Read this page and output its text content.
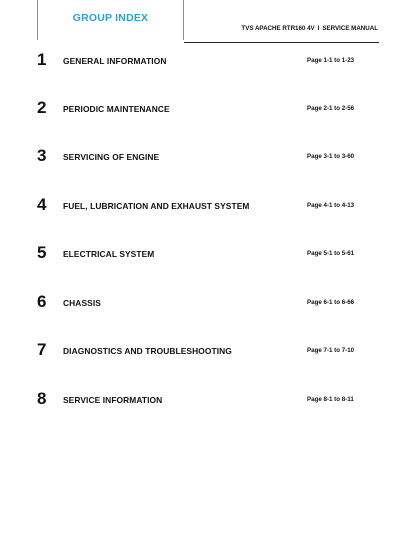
GROUP INDEX
TVS APACHE RTR160 4V I SERVICE MANUAL
1 GENERAL INFORMATION	Page 1-1 to 1-23
2 PERIODIC MAINTENANCE	Page 2-1 to 2-56
3 SERVICING OF ENGINE	Page 3-1 to 3-60
4 FUEL, LUBRICATION AND EXHAUST SYSTEM	Page 4-1 to 4-13
5 ELECTRICAL SYSTEM	Page 5-1 to 5-61
6 CHASSIS	Page 6-1 to 6-66
7 DIAGNOSTICS AND TROUBLESHOOTING	Page 7-1 to 7-10
8 SERVICE INFORMATION	Page 8-1 to 8-11
